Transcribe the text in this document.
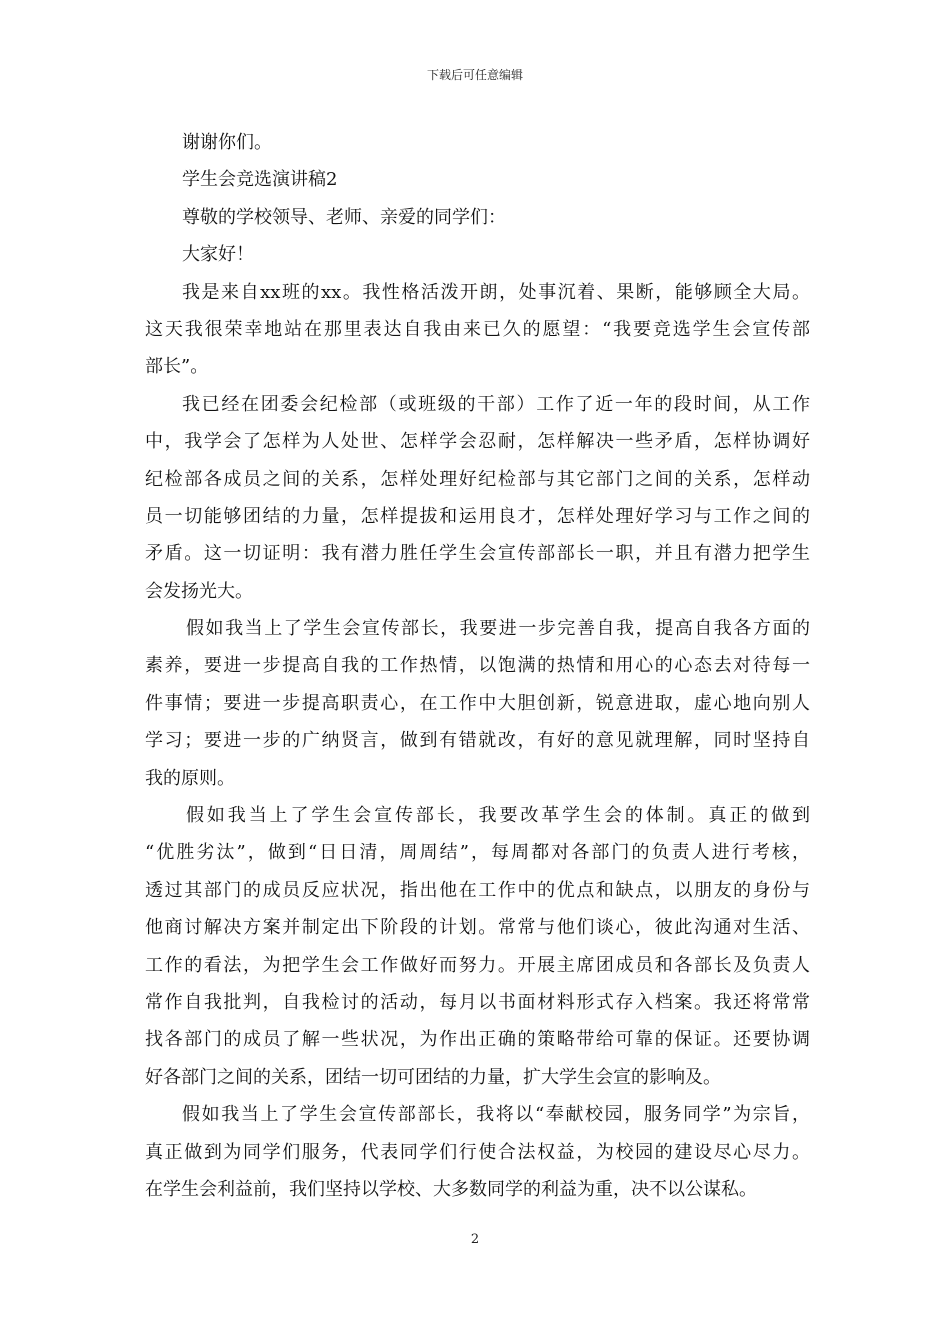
下载后可任意编辑
谢谢你们。
学生会竞选演讲稿2
尊敬的学校领导、老师、亲爱的同学们：
大家好！
我是来自xx班的xx。我性格活泼开朗，处事沉着、果断，能够顾全大局。
这天我很荣幸地站在那里表达自我由来已久的愿望：“我要竞选学生会宣传部
部长”。
我已经在团委会纪检部（或班级的干部）工作了近一年的段时间，从工作
中，我学会了怎样为人处世、怎样学会忍耐，怎样解决一些矛盾，怎样协调好
纪检部各成员之间的关系，怎样处理好纪检部与其它部门之间的关系，怎样动
员一切能够团结的力量，怎样提拔和运用良才，怎样处理好学习与工作之间的
矛盾。这一切证明：我有潜力胜任学生会宣传部部长一职，并且有潜力把学生
会发扬光大。
假如我当上了学生会宣传部长，我要进一步完善自我，提高自我各方面的
素养，要进一步提高自我的工作热情，以饱满的热情和用心的心态去对待每一
件事情；要进一步提高职责心，在工作中大胆创新，锐意进取，虚心地向别人
学习；要进一步的广纳贤言，做到有错就改，有好的意见就理解，同时坚持自
我的原则。
假如我当上了学生会宣传部长，我要改革学生会的体制。真正的做到
“优胜劣汰”，做到“日日清，周周结”，每周都对各部门的负责人进行考核，
透过其部门的成员反应状况，指出他在工作中的优点和缺点，以朋友的身份与
他商讨解决方案并制定出下阶段的计划。常常与他们谈心，彼此沟通对生活、
工作的看法，为把学生会工作做好而努力。开展主席团成员和各部长及负责人
常作自我批判，自我检讨的活动，每月以书面材料形式存入档案。我还将常常
找各部门的成员了解一些状况，为作出正确的策略带给可靠的保证。还要协调
好各部门之间的关系，团结一切可团结的力量，扩大学生会宣的影响及。
假如我当上了学生会宣传部部长，我将以“奉献校园，服务同学”为宗旨，
真正做到为同学们服务，代表同学们行使合法权益，为校园的建设尽心尽力。
在学生会利益前，我们坚持以学校、大多数同学的利益为重，决不以公谋私。
2
